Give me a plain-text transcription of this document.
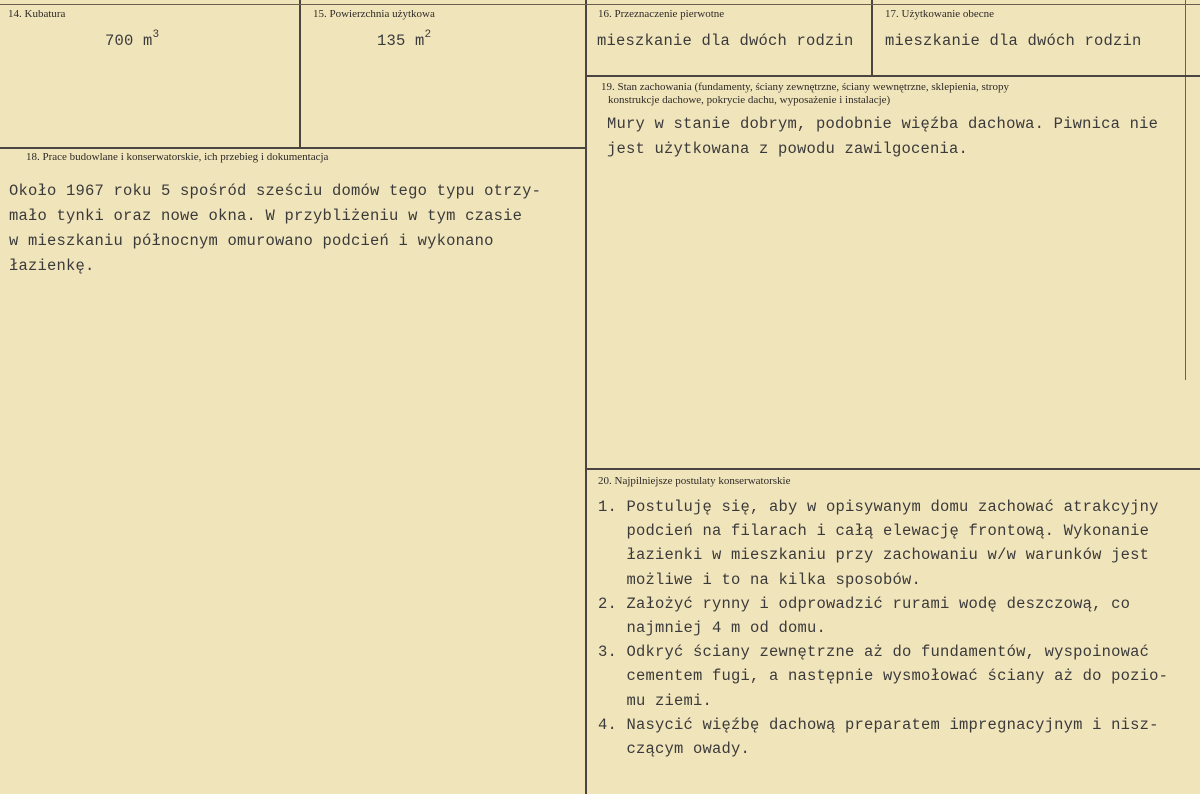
14. Kubatura
700 $m^3$
15. Powierzchnia użytkowa
135 $m^2$
16. Przeznaczenie pierwotne
mieszkanie dla dwóch rodzin
17. Użytkowanie obecne
mieszkanie dla dwóch rodzin
19. Stan zachowania (fundamenty, ściany zewnętrzne, ściany wewnętrzne, sklepienia, stropy
konstrukcje dachowe, pokrycie dachu, wyposażenie i instalacje)
Mury w stanie dobrym, podobnie więźba dachowa. Piwnica nie
jest użytkowana z powodu zawilgocenia.
18. Prace budowlane i konserwatorskie, ich przebieg i dokumentacja
Około 1967 roku 5 spośród sześciu domów tego typu otrzy-
mało tynki oraz nowe okna. W przybliżeniu w tym czasie
w mieszkaniu północnym omurowano podcień i wykonano
łazienkę.
20. Najpilniejsze postulaty konserwatorskie
1. Postuluję się, aby w opisywanym domu zachować atrakcyjny
podcień na filarach i całą elewację frontową. Wykonanie
łazienki w mieszkaniu przy zachowaniu w/w warunków jest
możliwe i to na kilka sposobów.
2. Założyć rynny i odprowadzić rurami wodę deszczową, co
najmniej 4 m od domu.
3. Odkryć ściany zewnętrzne aż do fundamentów, wyspoinować
cementem fugi, a następnie wysmołować ściany aż do pozio-
mu ziemi.
4. Nasycić więźbę dachową preparatem impregnacyjnym i nisz-
czącym owady.
